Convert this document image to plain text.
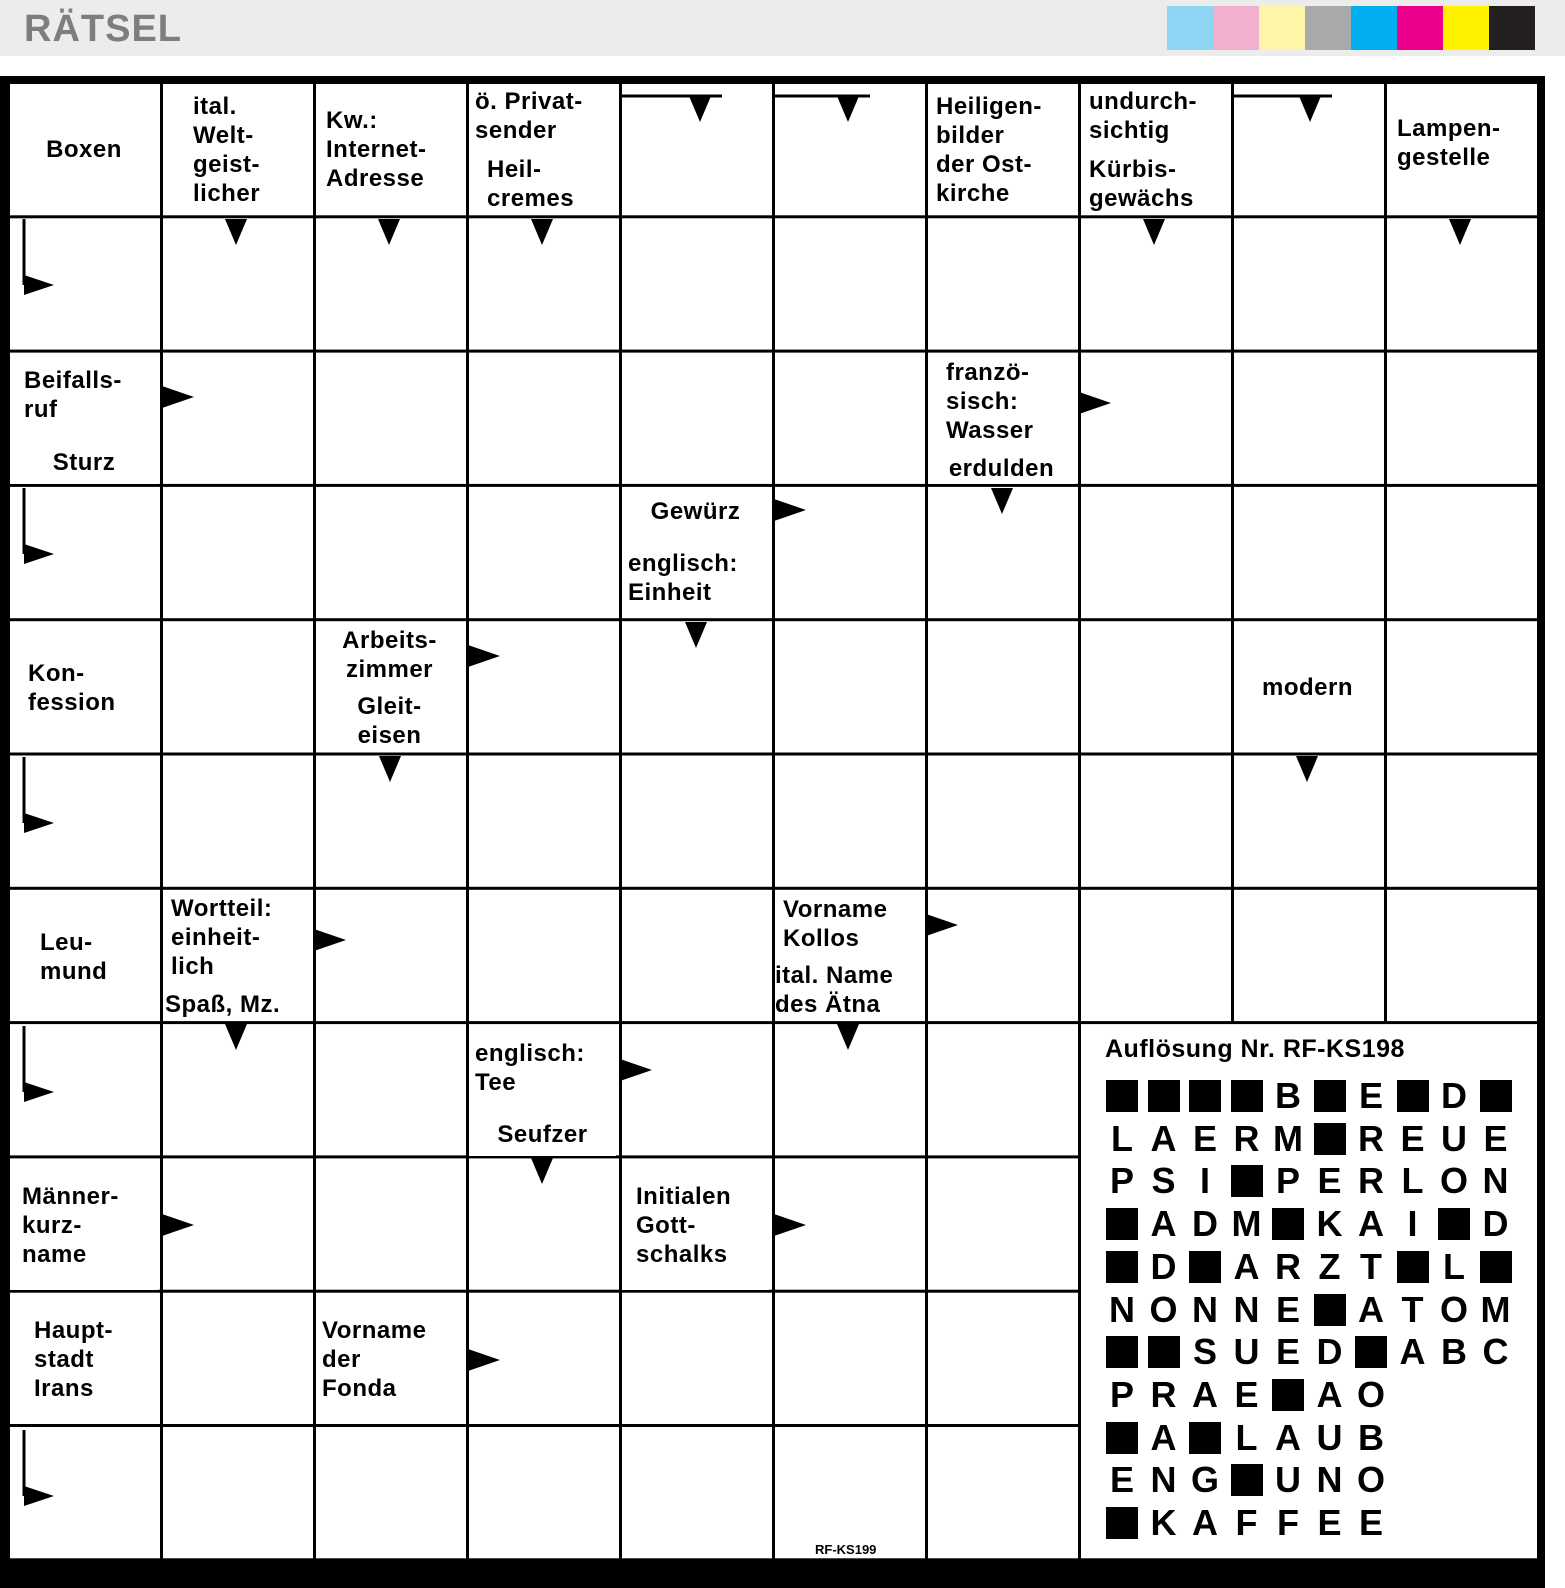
RÄTSEL
Boxen
ital.
Welt-
geist-
licher
Kw.:
Internet-
Adresse
ö. Privat-
sender
Heil-
cremes
Heiligen-
bilder
der Ost-
kirche
undurch-
sichtig
Kürbis-
gewächs
Lampen-
gestelle
Beifalls-
ruf
Sturz
franzö-
sisch:
Wasser
erdulden
Gewürz
englisch:
Einheit
Kon-
fession
Arbeits-
zimmer
Gleit-
eisen
modern
Leu-
mund
Wortteil:
einheit-
lich
Spaß, Mz.
Vorname
Kollos
ital. Name
des Ätna
englisch:
Tee
Seufzer
Männer-
kurz-
name
Initialen
Gott-
schalks
Haupt-
stadt
Irans
Vorname
der
Fonda
Auflösung Nr. RF-KS198
B E D
L A E R M R E U E
P S I	P E R L O N
A D M K A I	D
D A R Z T L
N O N N E A T O M
S U E D A B C
P R A E A O
A L A U B
E N G U N O
K A F F E E
RF-KS199
